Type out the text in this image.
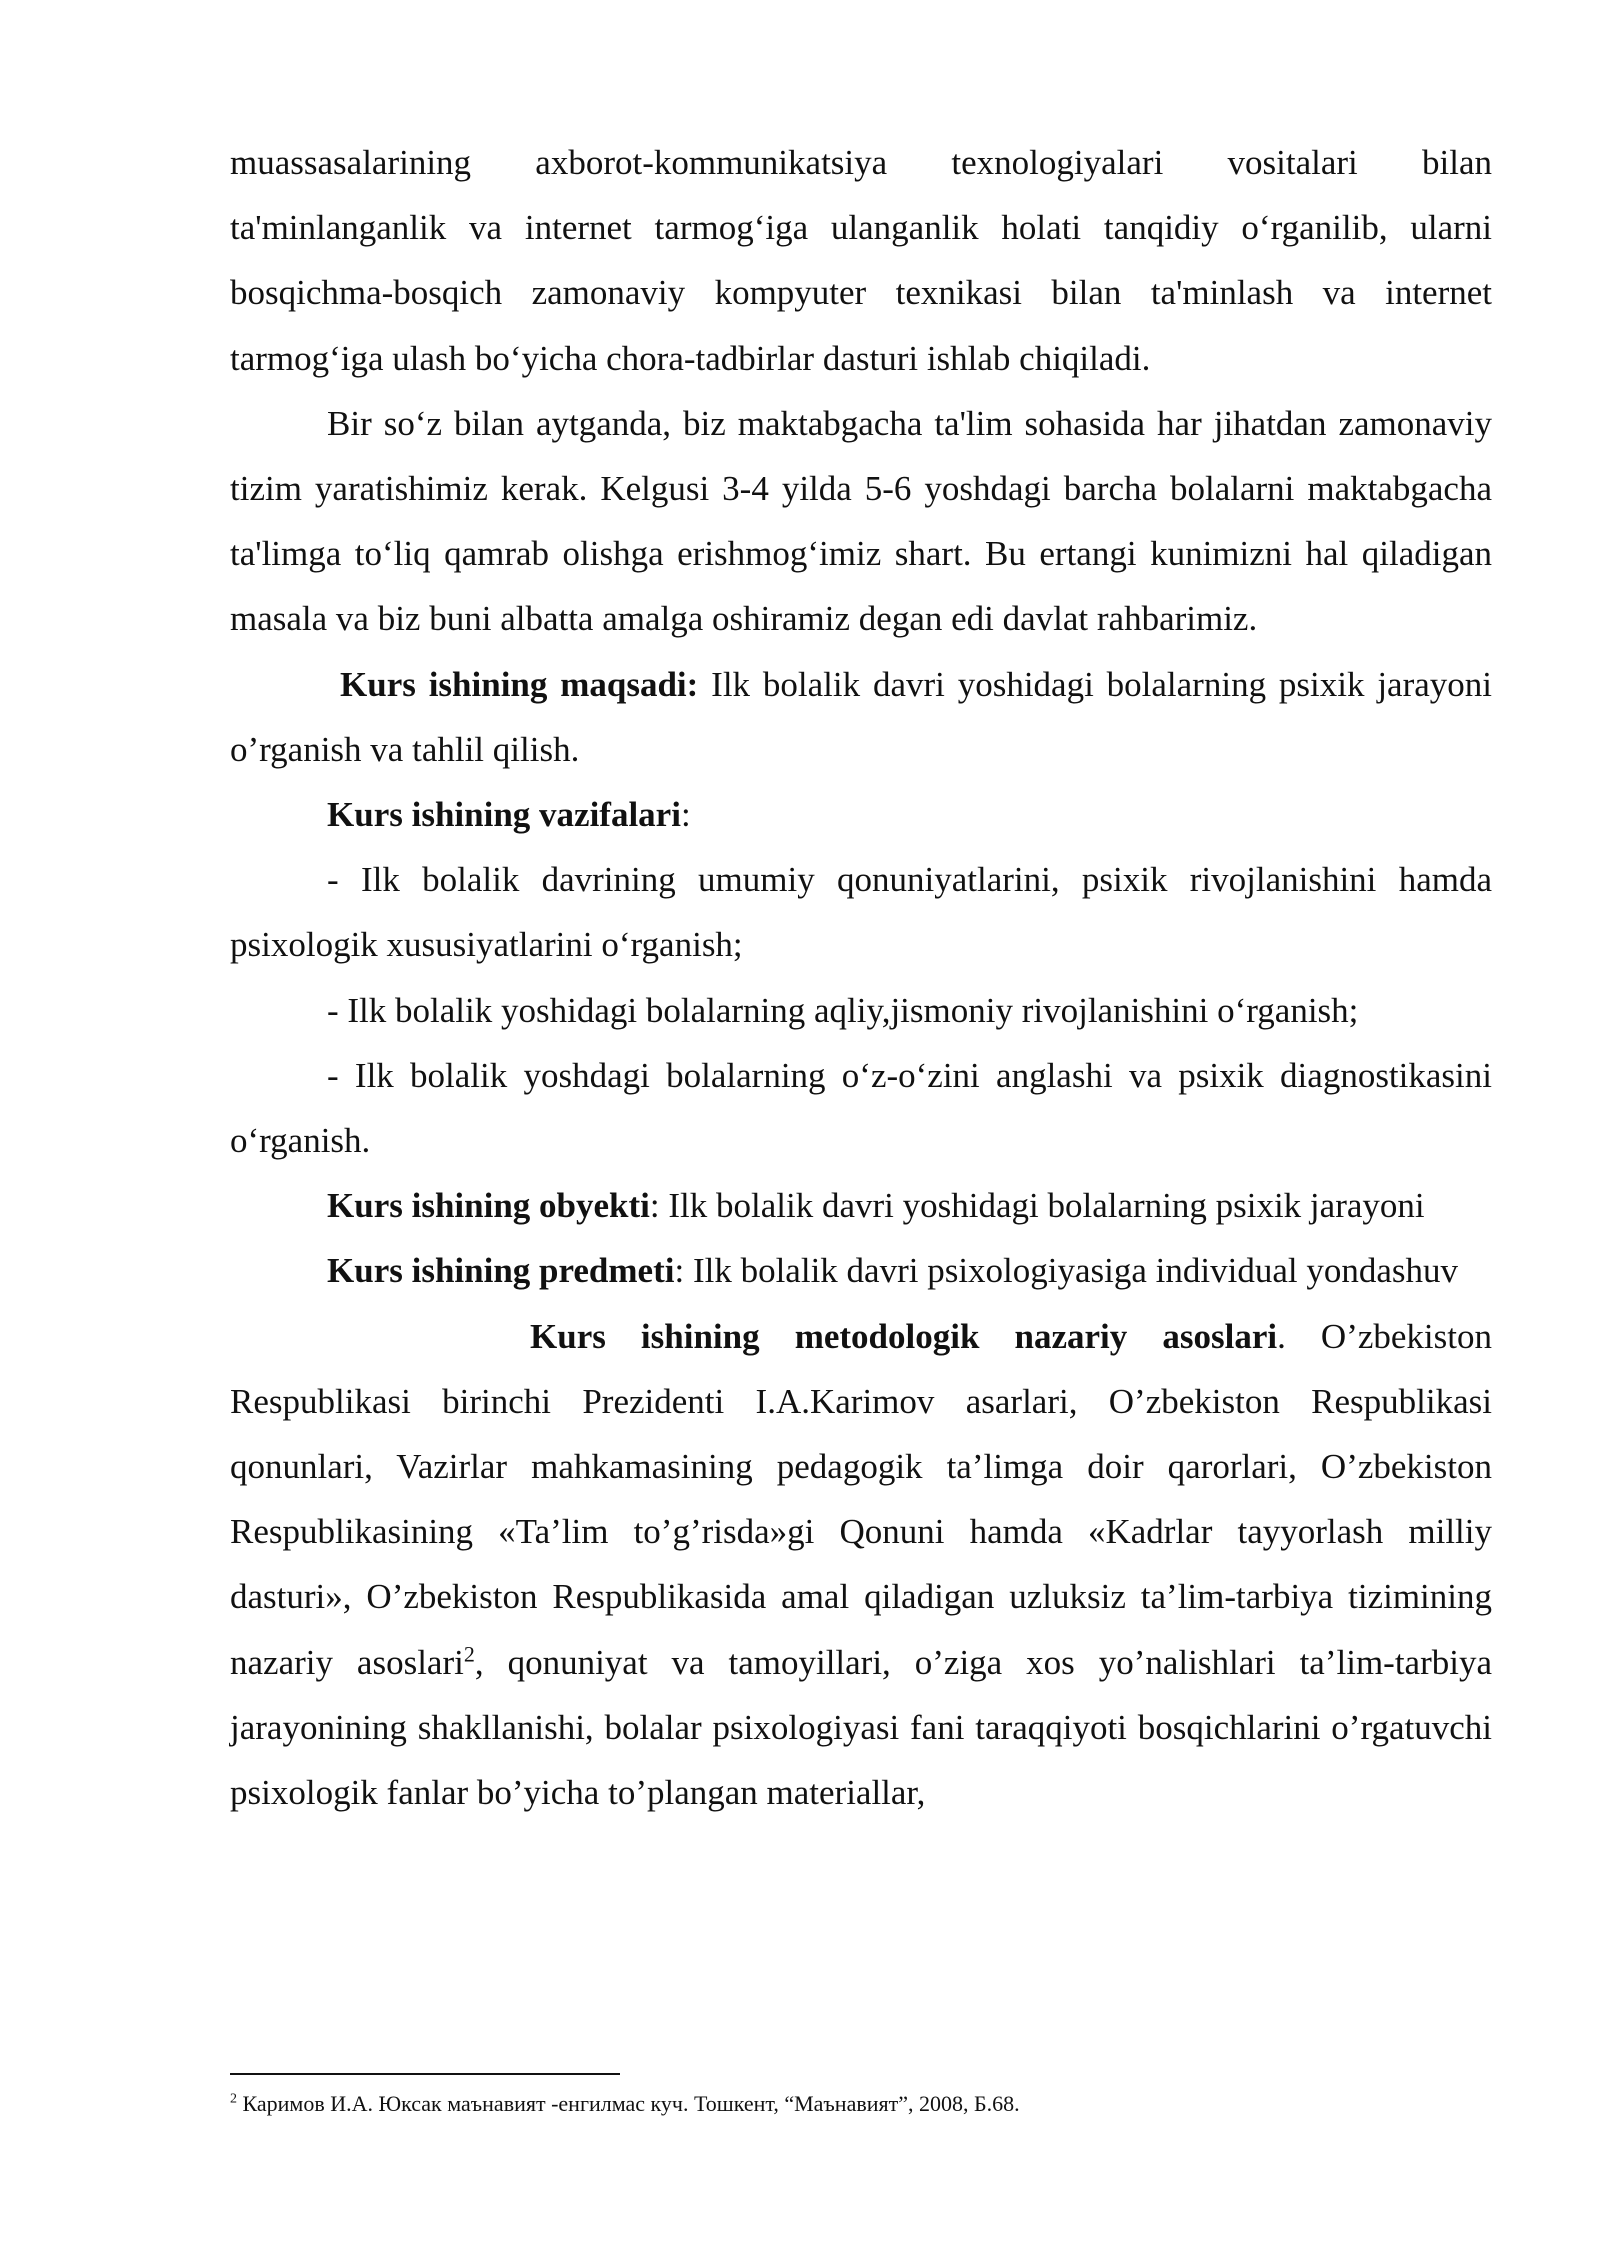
muassasalarining axborot-kommunikatsiya texnologiyalari vositalari bilan ta'minlanganlik va internet tarmog‘iga ulanganlik holati tanqidiy o‘rganilib, ularni bosqichma-bosqich zamonaviy kompyuter texnikasi bilan ta'minlash va internet tarmog‘iga ulash bo‘yicha chora-tadbirlar dasturi ishlab chiqiladi.

Bir so‘z bilan aytganda, biz maktabgacha ta'lim sohasida har jihatdan zamonaviy tizim yaratishimiz kerak. Kelgusi 3-4 yilda 5-6 yoshdagi barcha bolalarni maktabgacha ta'limga to‘liq qamrab olishga erishmog‘imiz shart. Bu ertangi kunimizni hal qiladigan masala va biz buni albatta amalga oshiramiz degan edi davlat rahbarimiz.

Kurs ishining maqsadi: Ilk bolalik davri yoshidagi bolalarning psixik jarayoni o’rganish va tahlil qilish.

Kurs ishining vazifalari:

- Ilk bolalik davrining umumiy qonuniyatlarini, psixik rivojlanishini hamda psixologik xususiyatlarini o‘rganish;

- Ilk bolalik yoshidagi bolalarning aqliy,jismoniy rivojlanishini o‘rganish;

- Ilk bolalik yoshdagi bolalarning o‘z-o‘zini anglashi va psixik diagnostikasini o‘rganish.

Kurs ishining obyekti: Ilk bolalik davri yoshidagi bolalarning psixik jarayoni

Kurs ishining predmeti: Ilk bolalik davri psixologiyasiga individual yondashuv

Kurs ishining metodologik nazariy asoslari. O’zbekiston Respublikasi birinchi Prezidenti I.A.Karimov asarlari, O’zbekiston Respublikasi qonunlari, Vazirlar mahkamasining pedagogik ta’limga doir qarorlari, O’zbekiston Respublikasining «Ta’lim to’g’risda»gi Qonuni hamda «Kadrlar tayyorlash milliy dasturi», O’zbekiston Respublikasida amal qiladigan uzluksiz ta’lim-tarbiya tizimining nazariy asoslari$^2$, qonuniyat va tamoyillari, o’ziga xos yo’nalishlari ta’lim-tarbiya jarayonining shakllanishi, bolalar psixologiyasi fani taraqqiyoti bosqichlarini o’rgatuvchi psixologik fanlar bo’yicha to’plangan materiallar,

$^2$ Каримов И.А. Юксак маънавият -енгилмас куч. Тошкент, “Маънавият”, 2008, Б.68.
